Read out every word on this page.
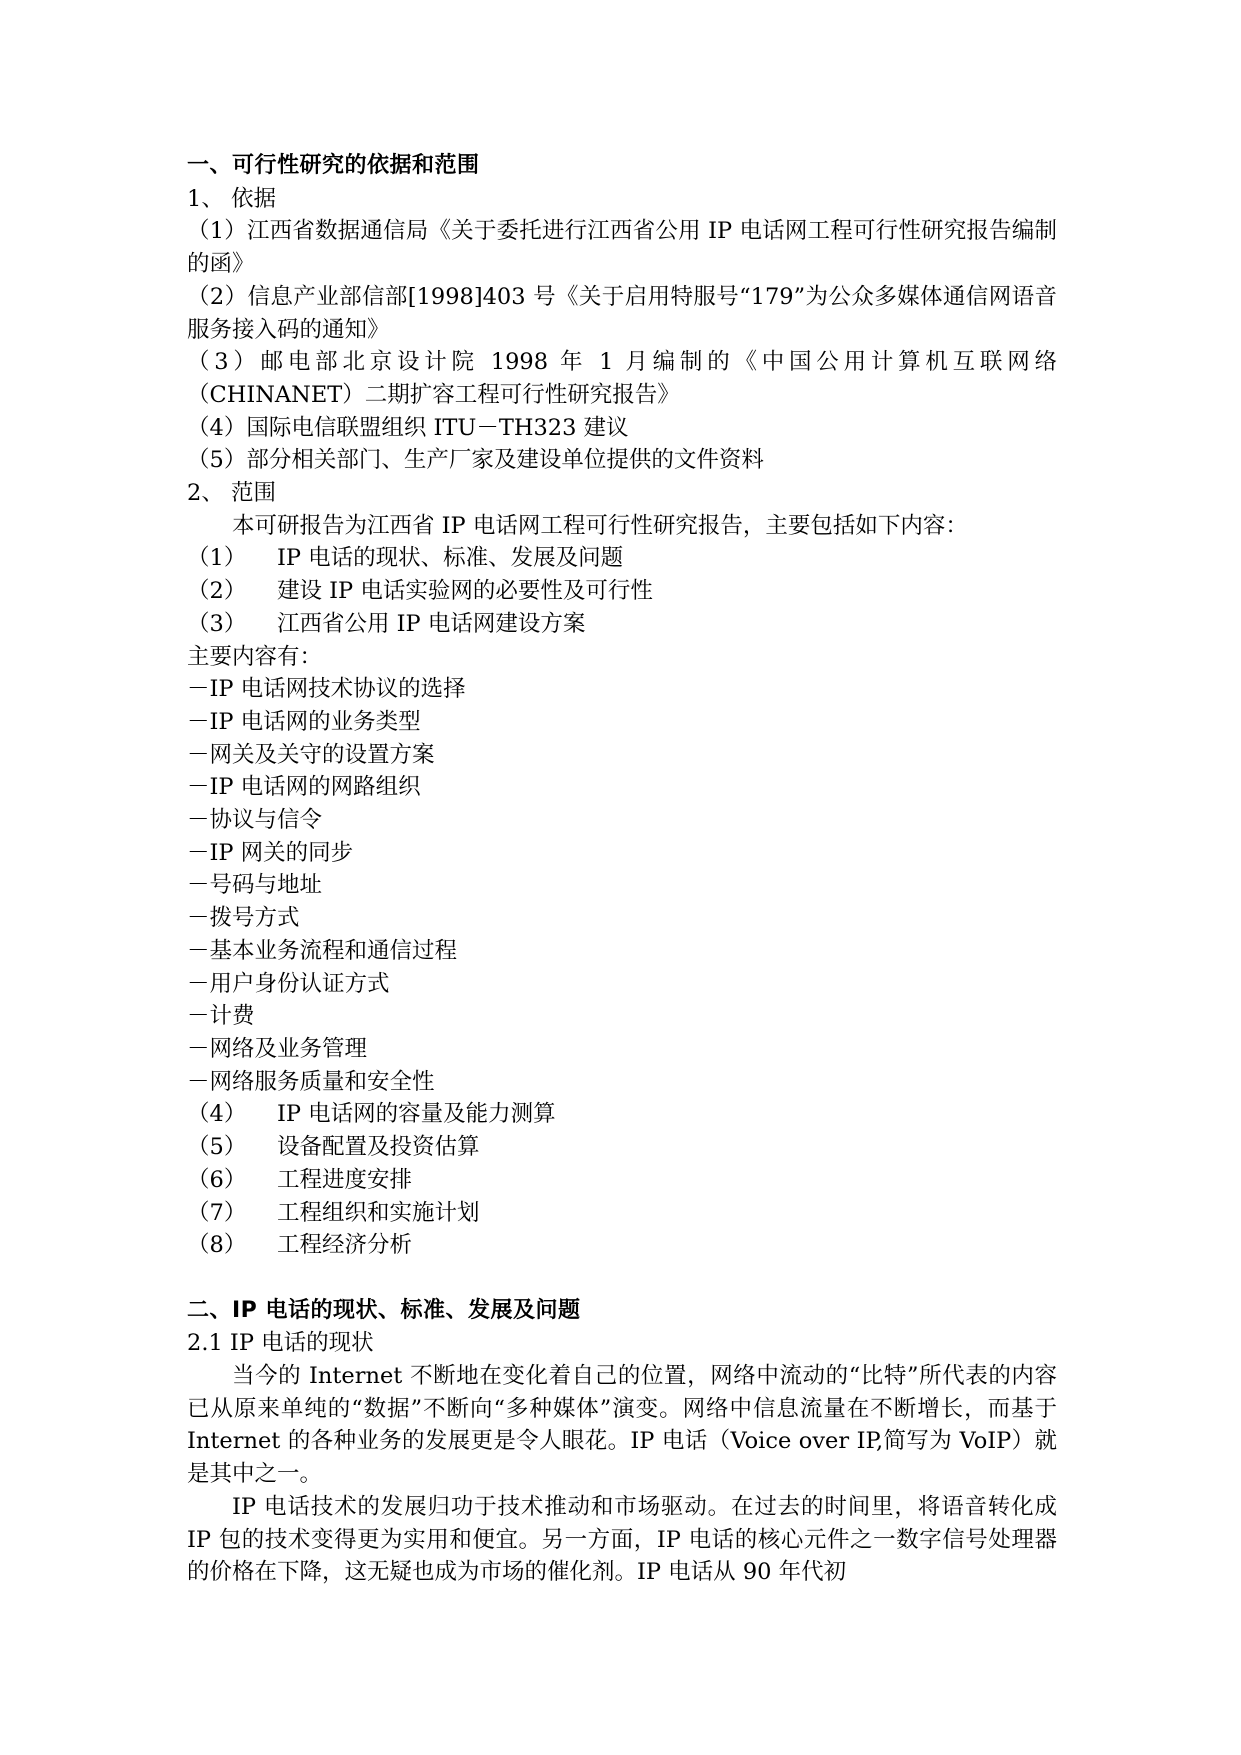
一、可行性研究的依据和范围
1、 依据

（1）江西省数据通信局《关于委托进行江西省公用 IP 电话网工程可行性研究报告编制的函》

（2）信息产业部信部[1998]403 号《关于启用特服号“179”为公众多媒体通信网语音服务接入码的通知》

（3）邮电部北京设计院 1998 年 1 月编制的《中国公用计算机互联网络（CHINANET）二期扩容工程可行性研究报告》

（4）国际电信联盟组织 ITU－TH323 建议

（5）部分相关部门、生产厂家及建设单位提供的文件资料

2、 范围
本可研报告为江西省 IP 电话网工程可行性研究报告，主要包括如下内容：
（1） IP 电话的现状、标准、发展及问题
（2） 建设 IP 电话实验网的必要性及可行性
（3） 江西省公用 IP 电话网建设方案
主要内容有：
－IP 电话网技术协议的选择
－IP 电话网的业务类型
－网关及关守的设置方案
－IP 电话网的网路组织
－协议与信令
－IP 网关的同步
－号码与地址
－拨号方式
－基本业务流程和通信过程
－用户身份认证方式
－计费
－网络及业务管理
－网络服务质量和安全性
（4） IP 电话网的容量及能力测算
（5） 设备配置及投资估算
（6） 工程进度安排
（7） 工程组织和实施计划
（8） 工程经济分析
二、IP 电话的现状、标准、发展及问题
2.1 IP 电话的现状

当今的 Internet 不断地在变化着自己的位置，网络中流动的“比特”所代表的内容已从原来单纯的“数据”不断向“多种媒体”演变。网络中信息流量在不断增长，而基于 Internet 的各种业务的发展更是令人眼花。IP 电话（Voice over IP,简写为 VoIP）就是其中之一。

IP 电话技术的发展归功于技术推动和市场驱动。在过去的时间里，将语音转化成 IP 包的技术变得更为实用和便宜。另一方面，IP 电话的核心元件之一数字信号处理器的价格在下降，这无疑也成为市场的催化剂。IP 电话从 90 年代初
